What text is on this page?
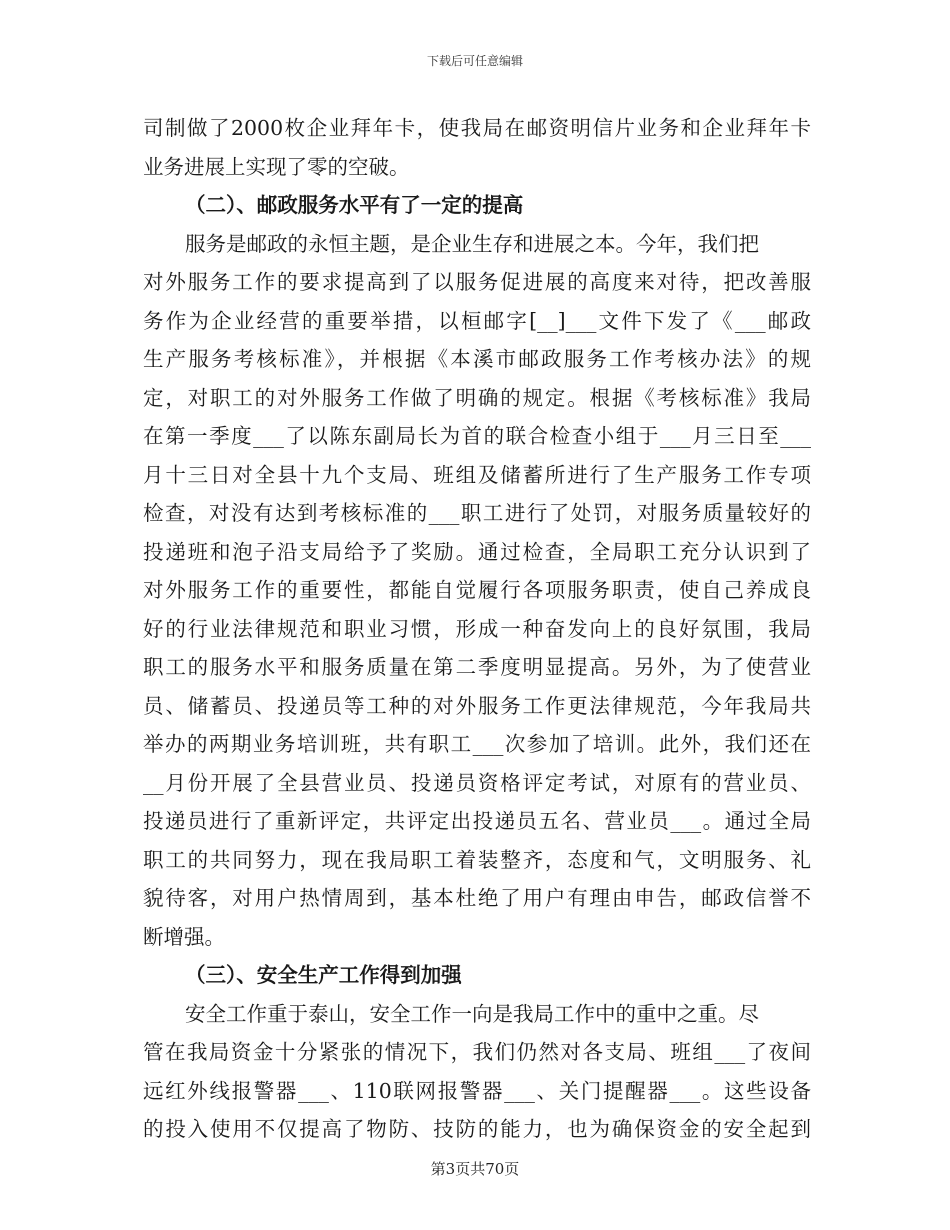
下载后可任意编辑
司制做了2000枚企业拜年卡，使我局在邮资明信片业务和企业拜年卡
业务进展上实现了零的空破。
（二）、邮政服务水平有了一定的提高
服务是邮政的永恒主题，是企业生存和进展之本。今年，我们把
对外服务工作的要求提高到了以服务促进展的高度来对待，把改善服
务作为企业经营的重要举措，以桓邮字[__]___文件下发了《___邮政
生产服务考核标准》，并根据《本溪市邮政服务工作考核办法》的规
定，对职工的对外服务工作做了明确的规定。根据《考核标准》我局
在第一季度___了以陈东副局长为首的联合检查小组于___月三日至___
月十三日对全县十九个支局、班组及储蓄所进行了生产服务工作专项
检查，对没有达到考核标准的___职工进行了处罚，对服务质量较好的
投递班和泡子沿支局给予了奖励。通过检查，全局职工充分认识到了
对外服务工作的重要性，都能自觉履行各项服务职责，使自己养成良
好的行业法律规范和职业习惯，形成一种奋发向上的良好氛围，我局
职工的服务水平和服务质量在第二季度明显提高。另外，为了使营业
员、储蓄员、投递员等工种的对外服务工作更法律规范，今年我局共
举办的两期业务培训班，共有职工___次参加了培训。此外，我们还在
__月份开展了全县营业员、投递员资格评定考试，对原有的营业员、
投递员进行了重新评定，共评定出投递员五名、营业员___。通过全局
职工的共同努力，现在我局职工着装整齐，态度和气，文明服务、礼
貌待客，对用户热情周到，基本杜绝了用户有理由申告，邮政信誉不
断增强。
（三）、安全生产工作得到加强
安全工作重于泰山，安全工作一向是我局工作中的重中之重。尽
管在我局资金十分紧张的情况下，我们仍然对各支局、班组___了夜间
远红外线报警器___、110联网报警器___、关门提醒器___。这些设备
的投入使用不仅提高了物防、技防的能力，也为确保资金的安全起到
第3页共70页
